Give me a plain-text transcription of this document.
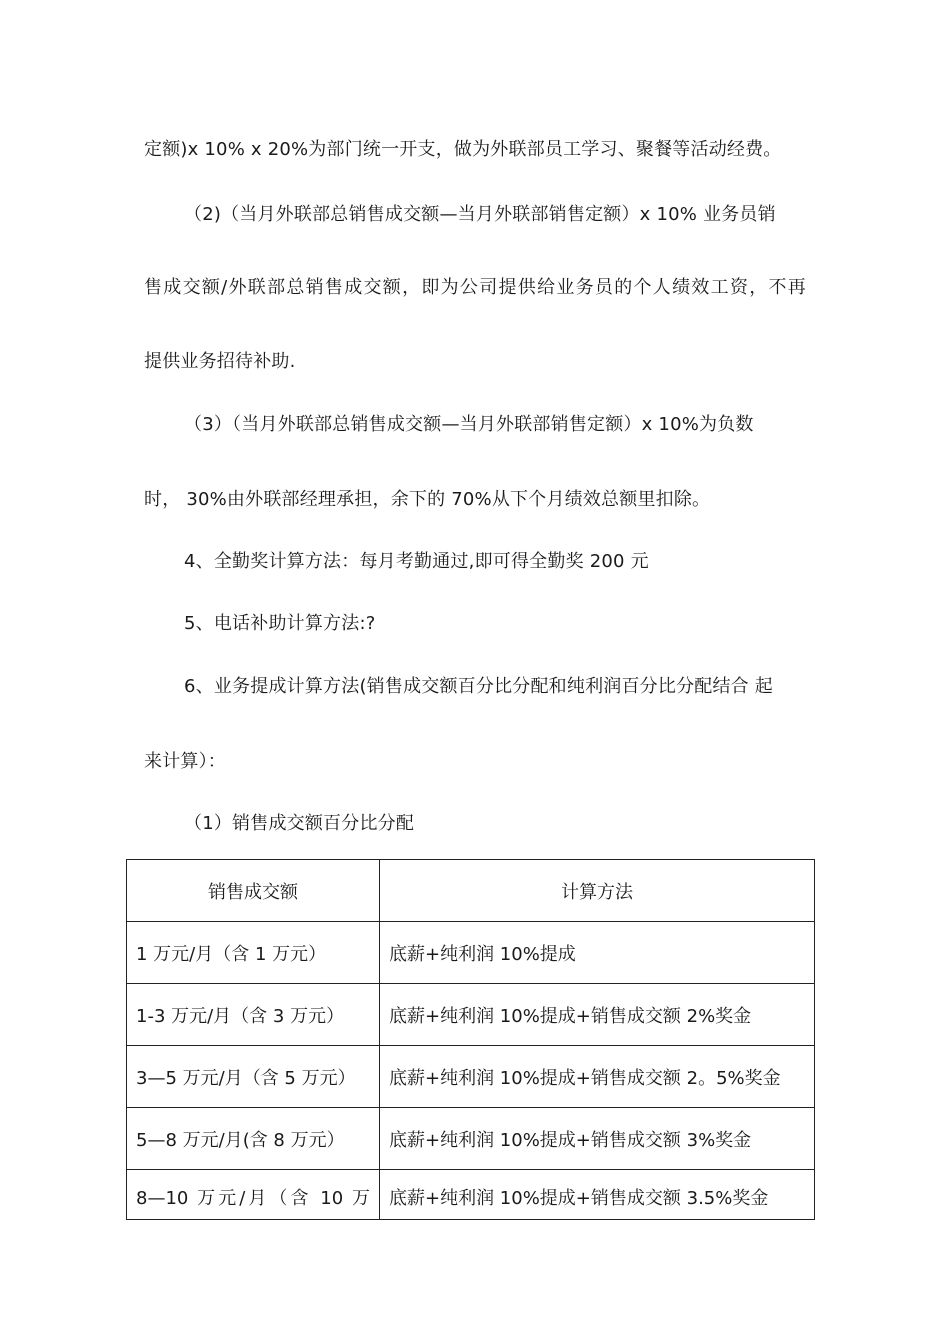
定额)x 10% x 20%为部门统一开支，做为外联部员工学习、聚餐等活动经费。
（2)（当月外联部总销售成交额—当月外联部销售定额）x 10% 业务员销
售成交额/外联部总销售成交额，即为公司提供给业务员的个人绩效工资，不再
提供业务招待补助.
（3）（当月外联部总销售成交额—当月外联部销售定额）x 10%为负数
时， 30%由外联部经理承担，余下的 70%从下个月绩效总额里扣除。
4、全勤奖计算方法：每月考勤通过,即可得全勤奖 200 元
5、电话补助计算方法:?
6、业务提成计算方法(销售成交额百分比分配和纯利润百分比分配结合 起
来计算）：
（1）销售成交额百分比分配
销售成交额	计算方法
1 万元/月（含 1 万元）	底薪+纯利润 10%提成
1-3 万元/月（含 3 万元）	底薪+纯利润 10%提成+销售成交额 2%奖金
3—5 万元/月（含 5 万元）	底薪+纯利润 10%提成+销售成交额 2。5%奖金
5—8 万元/月(含 8 万元）	底薪+纯利润 10%提成+销售成交额 3%奖金
8—10 万元/月（含 10 万	底薪+纯利润 10%提成+销售成交额 3.5%奖金
